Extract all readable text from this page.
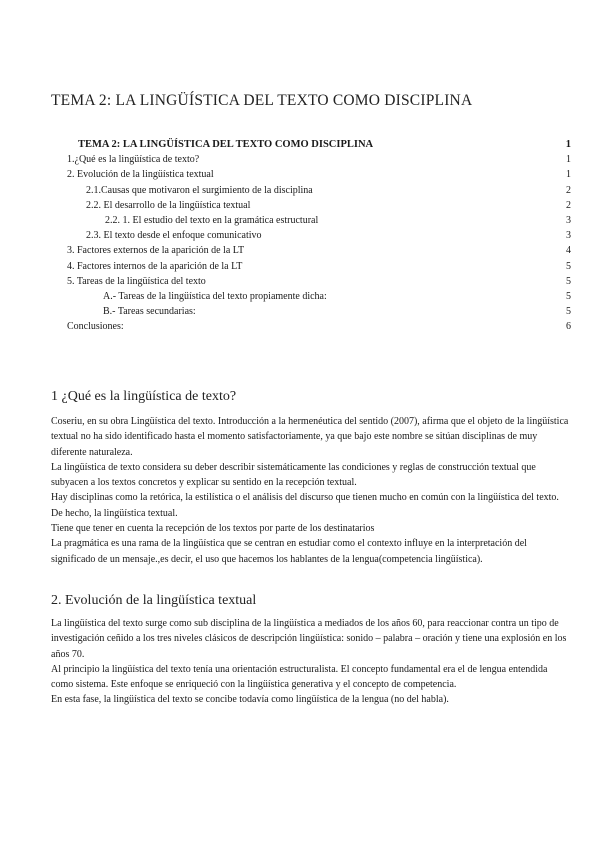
TEMA 2: LA LINGÜÍSTICA DEL TEXTO COMO DISCIPLINA
TEMA 2: LA LINGÜÍSTICA DEL TEXTO COMO DISCIPLINA	1
1.¿Qué es la lingüística de texto?	1
2. Evolución de la lingüística textual	1
2.1.Causas que motivaron el surgimiento de la disciplina	2
2.2. El desarrollo de la lingüística textual	2
2.2. 1. El estudio del texto en la gramática estructural	3
2.3. El texto desde el enfoque comunicativo	3
3. Factores externos de la aparición de la LT	4
4. Factores internos de la aparición de la LT	5
5. Tareas de la lingüística del texto	5
A.- Tareas de la lingüística del texto propiamente dicha:	5
B.- Tareas secundarias:	5
Conclusiones:	6
1 ¿Qué es la lingüística de texto?

Coseriu, en su obra Lingüística del texto. Introducción a la hermenéutica del sentido (2007), afirma que el objeto de la lingüística textual no ha sido identificado hasta el momento satisfactoriamente, ya que bajo este nombre se sitúan disciplinas de muy diferente naturaleza.

La lingüística de texto considera su deber describir sistemáticamente las condiciones y reglas de construcción textual que subyacen a los textos concretos y explicar su sentido en la recepción textual.

Hay disciplinas como la retórica, la estilística o el análisis del discurso que tienen mucho en común con la lingüística del texto. De hecho, la lingüística textual.

Tiene que tener en cuenta la recepción de los textos por parte de los destinatarios

La pragmática es una rama de la lingüística que se centran en estudiar como el contexto influye en la interpretación del significado de un mensaje.,es decir, el uso que hacemos los hablantes de la lengua(competencia lingüística).

2. Evolución de la lingüística textual

La lingüística del texto surge como sub disciplina de la lingüística a mediados de los años 60, para reaccionar contra un tipo de investigación ceñido a los tres niveles clásicos de descripción lingüística: sonido – palabra – oración y tiene una explosión en los años 70.

Al principio la lingüística del texto tenía una orientación estructuralista. El concepto fundamental era el de lengua entendida como sistema. Este enfoque se enriqueció con la lingüística generativa y el concepto de competencia.

En esta fase, la lingüística del texto se concibe todavía como lingüística de la lengua (no del habla).
